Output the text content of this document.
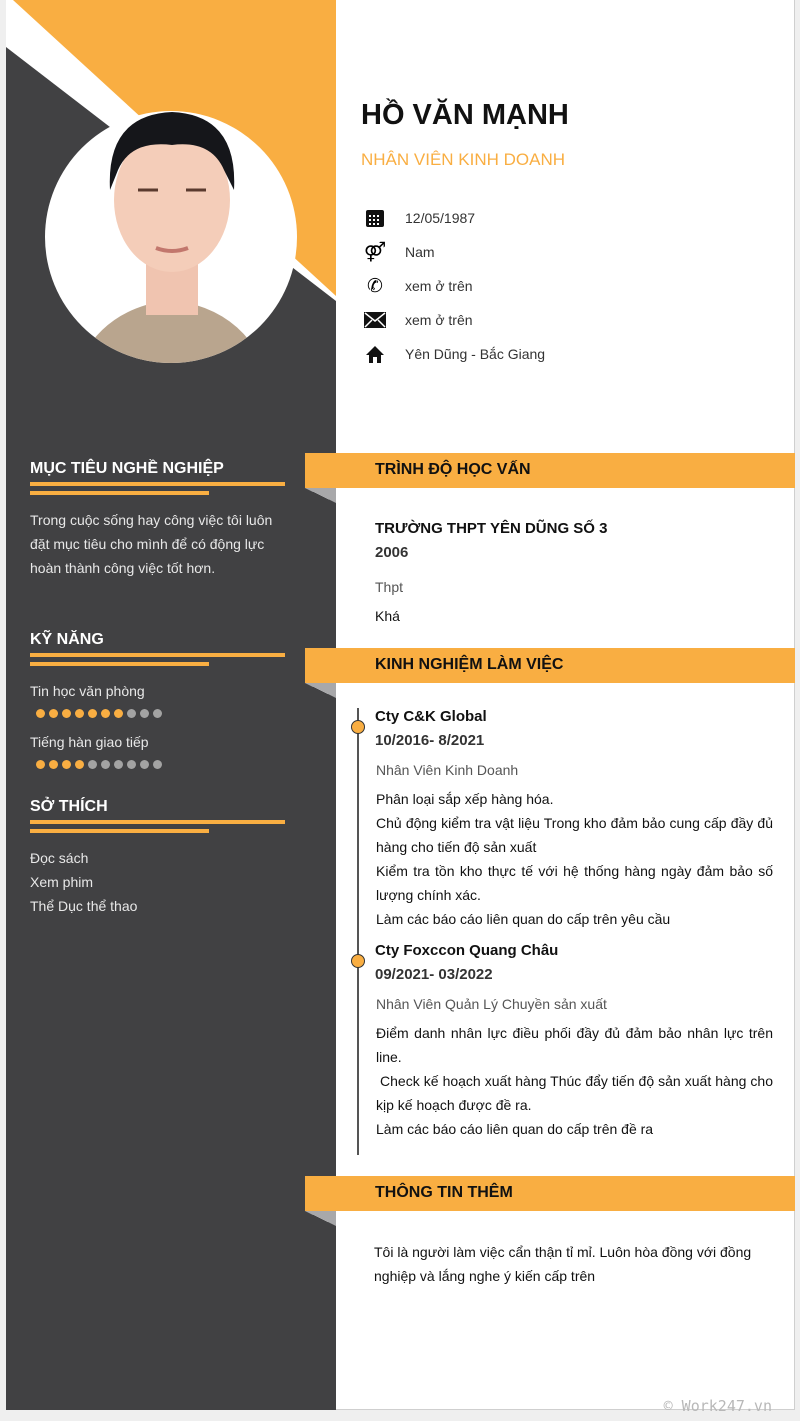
HỒ VĂN MẠNH
NHÂN VIÊN KINH DOANH
12/05/1987
⚤ Nam
✆ xem ở trên
xem ở trên
Yên Dũng - Bắc Giang
MỤC TIÊU NGHỀ NGHIỆP
Trong cuộc sống hay công việc tôi luôn đặt mục tiêu cho mình để có động lực hoàn thành công việc tốt hơn.
KỸ NĂNG
Tin học văn phòng
Tiếng hàn giao tiếp
SỞ THÍCH
Đọc sách
Xem phim
Thể Dục thể thao
TRÌNH ĐỘ HỌC VẤN
TRƯỜNG THPT YÊN DŨNG SỐ 3
2006
Thpt
Khá
KINH NGHIỆM LÀM VIỆC
Cty C&K Global
10/2016- 8/2021
Nhân Viên Kinh Doanh
Phân loại sắp xếp hàng hóa.
Chủ động kiểm tra vật liệu Trong kho đảm bảo cung cấp đầy đủ hàng cho tiến độ sản xuất
Kiểm tra tồn kho thực tế với hệ thống hàng ngày đảm bảo số lượng chính xác.
Làm các báo cáo liên quan do cấp trên yêu cầu
Cty Foxccon Quang Châu
09/2021- 03/2022
Nhân Viên Quản Lý Chuyền sản xuất
Điểm danh nhân lực điều phối đầy đủ đảm bảo nhân lực trên line.
Check kế hoạch xuất hàng Thúc đẩy tiến độ sản xuất hàng cho kịp kế hoạch được đề ra.
Làm các báo cáo liên quan do cấp trên đề ra
THÔNG TIN THÊM
Tôi là người làm việc cẩn thận tỉ mỉ. Luôn hòa đồng với đồng nghiệp và lắng nghe ý kiến cấp trên
© Work247.vn
